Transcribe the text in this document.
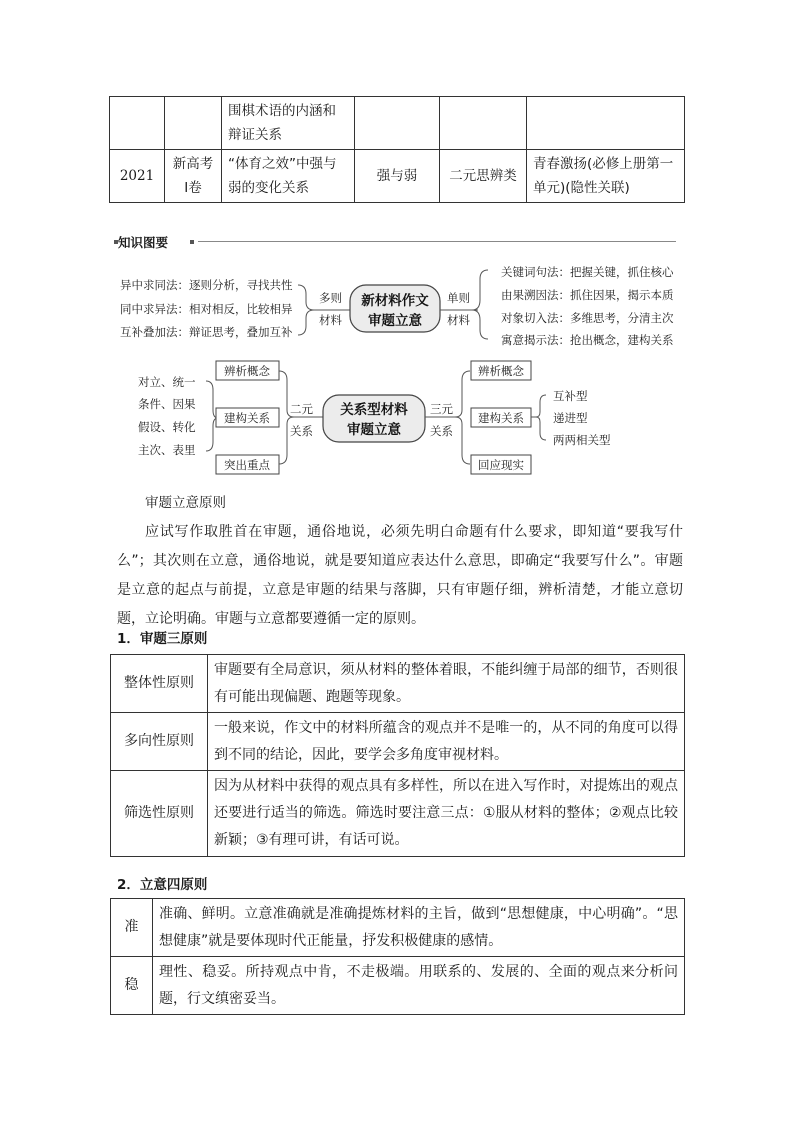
		围棋术语的内涵和辩证关系			
2021	新高考Ⅰ卷	“体育之效”中强与弱的变化关系	强与弱	二元思辨类	青春激扬(必修上册第一单元)(隐性关联)
知识图要
异中求同法：逐则分析，寻找共性
同中求异法：相对相反，比较相异
互补叠加法：辩证思考，叠加互补
多则
材料
新材料作文
审题立意
单则
材料
关键词句法：把握关键，抓住核心
由果溯因法：抓住因果，揭示本质
对象切入法：多维思考，分清主次
寓意揭示法：抢出概念，建构关系
对立、统一
条件、因果
假设、转化
主次、表里
辨析概念
建构关系
突出重点
二元
关系
关系型材料
审题立意
三元
关系
辨析概念
建构关系
回应现实
互补型
递进型
两两相关型
审题立意原则

应试写作取胜首在审题，通俗地说，必须先明白命题有什么要求，即知道“要我写什么”；其次则在立意，通俗地说，就是要知道应表达什么意思，即确定“我要写什么”。审题是立意的起点与前提，立意是审题的结果与落脚，只有审题仔细，辨析清楚，才能立意切题，立论明确。审题与立意都要遵循一定的原则。

1．审题三原则
整体性原则	审题要有全局意识，须从材料的整体着眼，不能纠缠于局部的细节，否则很有可能出现偏题、跑题等现象。
多向性原则	一般来说，作文中的材料所蕴含的观点并不是唯一的，从不同的角度可以得到不同的结论，因此，要学会多角度审视材料。
筛选性原则	因为从材料中获得的观点具有多样性，所以在进入写作时，对提炼出的观点还要进行适当的筛选。筛选时要注意三点：①服从材料的整体；②观点比较新颖；③有理可讲，有话可说。
2．立意四原则
准	准确、鲜明。立意准确就是准确提炼材料的主旨，做到“思想健康，中心明确”。“思想健康”就是要体现时代正能量，抒发积极健康的感情。
稳	理性、稳妥。所持观点中肯，不走极端。用联系的、发展的、全面的观点来分析问题，行文缜密妥当。
